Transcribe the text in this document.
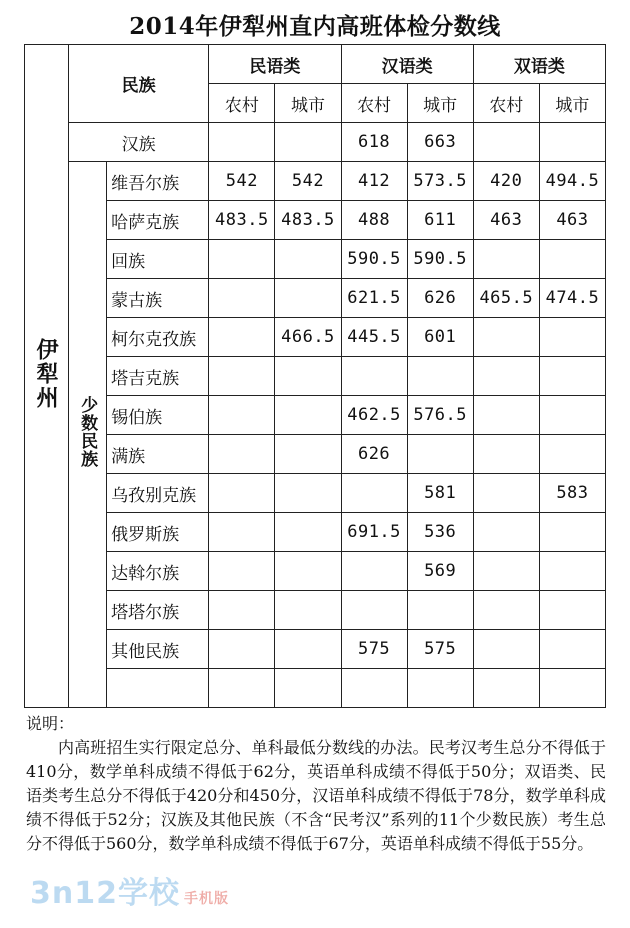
2014年伊犁州直内高班体检分数线
伊犁州	民族		民语类		汉语类		双语类	
			农村	城市	农村	城市	农村	城市
	汉族				618	663		
	少数民族	维吾尔族	542	542	412	573.5	420	494.5
		哈萨克族	483.5	483.5	488	611	463	463
		回族			590.5	590.5		
		蒙古族			621.5	626	465.5	474.5
		柯尔克孜族		466.5	445.5	601		
		塔吉克族						
		锡伯族			462.5	576.5		
		满族			626			
		乌孜别克族				581		583
		俄罗斯族			691.5	536		
		达斡尔族				569		
		塔塔尔族						
		其他民族			575	575		

说明：
内高班招生实行限定总分、单科最低分数线的办法。民考汉考生总分不得低于410分，数学单科成绩不得低于62分，英语单科成绩不得低于50分；双语类、民语类考生总分不得低于420分和450分，汉语单科成绩不得低于78分，数学单科成绩不得低于52分；汉族及其他民族（不含“民考汉”系列的11个少数民族）考生总分不得低于560分，数学单科成绩不得低于67分，英语单科成绩不得低于55分。
3n12学校 手机版
